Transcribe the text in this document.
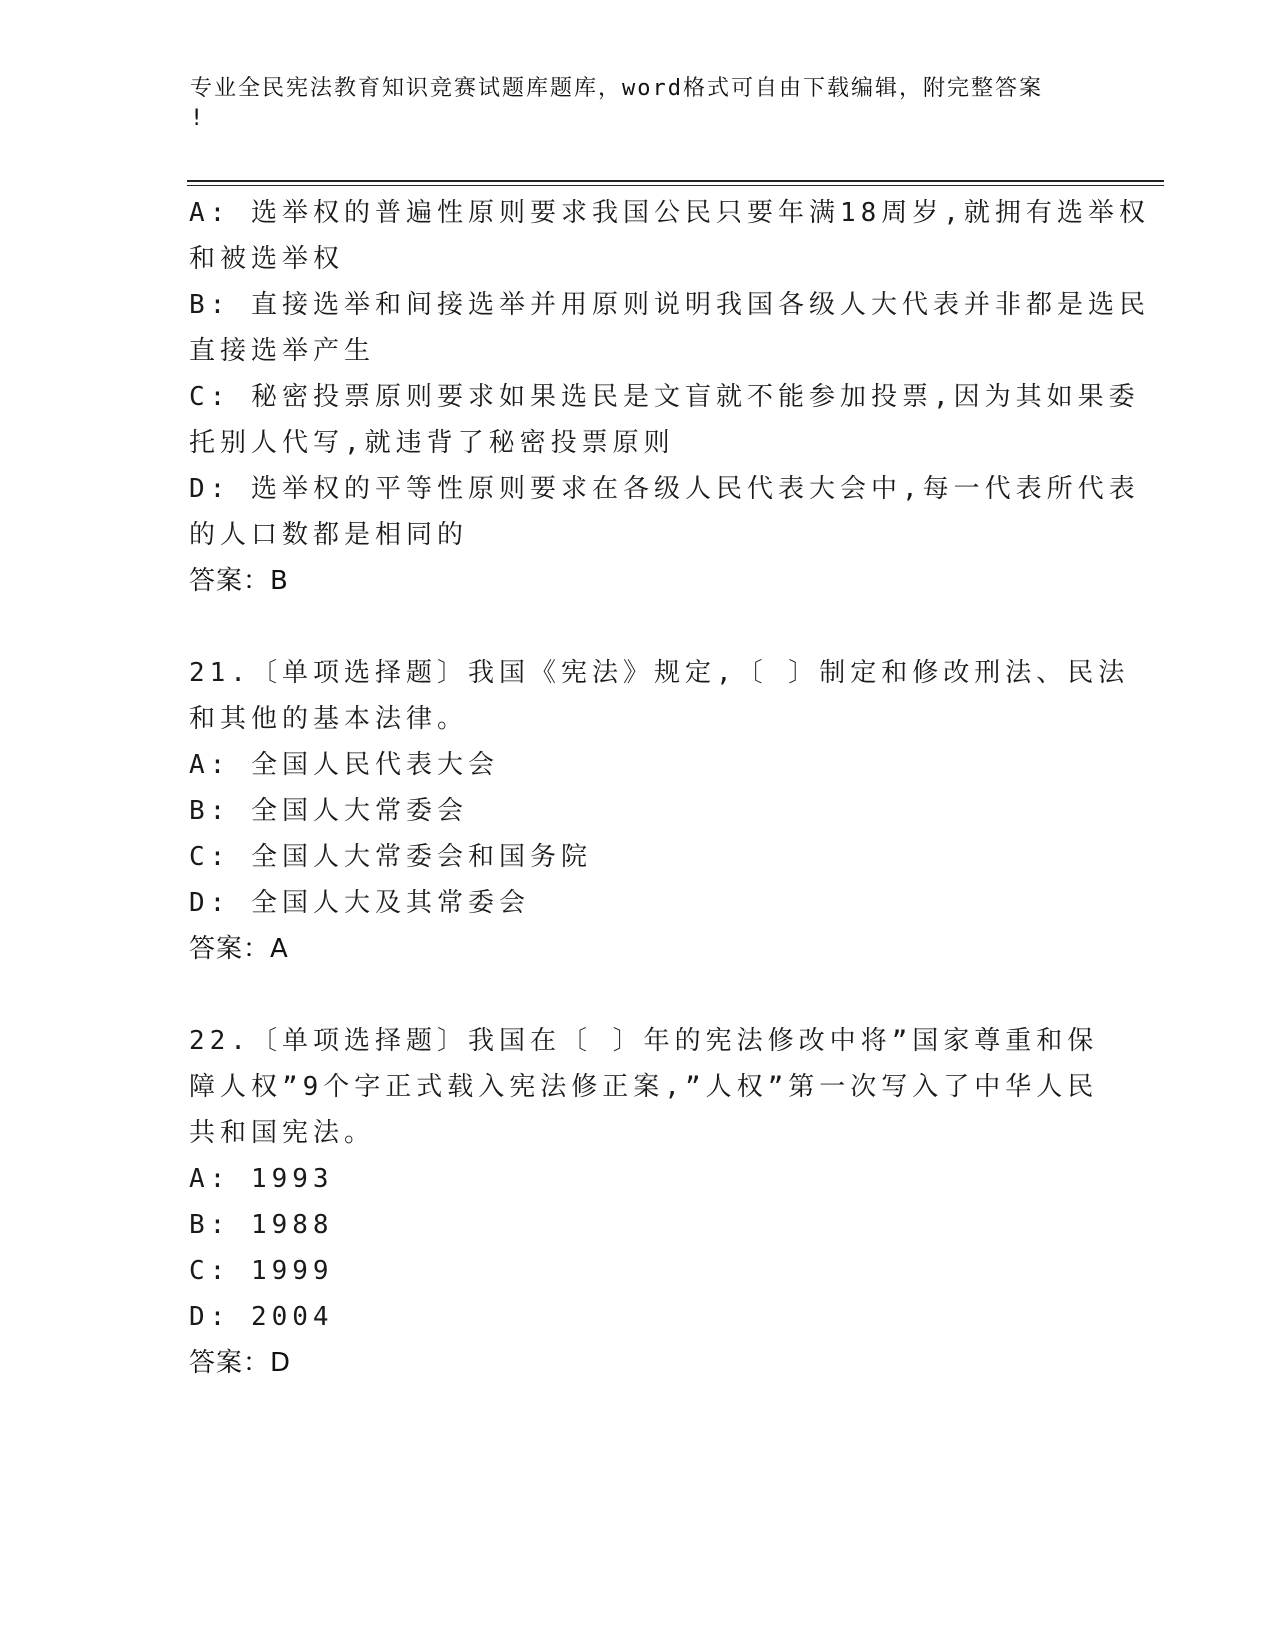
专业全民宪法教育知识竞赛试题库题库，word格式可自由下载编辑，附完整答案
!
A: 选举权的普遍性原则要求我国公民只要年满18周岁,就拥有选举权
和被选举权
B: 直接选举和间接选举并用原则说明我国各级人大代表并非都是选民
直接选举产生
C: 秘密投票原则要求如果选民是文盲就不能参加投票,因为其如果委
托别人代写,就违背了秘密投票原则
D: 选举权的平等性原则要求在各级人民代表大会中,每一代表所代表
的人口数都是相同的
答案：B
21.〔单项选择题〕我国《宪法》规定,〔 〕制定和修改刑法、民法
和其他的基本法律。
A: 全国人民代表大会
B: 全国人大常委会
C: 全国人大常委会和国务院
D: 全国人大及其常委会
答案：A
22.〔单项选择题〕我国在〔 〕年的宪法修改中将”国家尊重和保
障人权”9个字正式载入宪法修正案,”人权”第一次写入了中华人民
共和国宪法。
A: 1993
B: 1988
C: 1999
D: 2004
答案：D
